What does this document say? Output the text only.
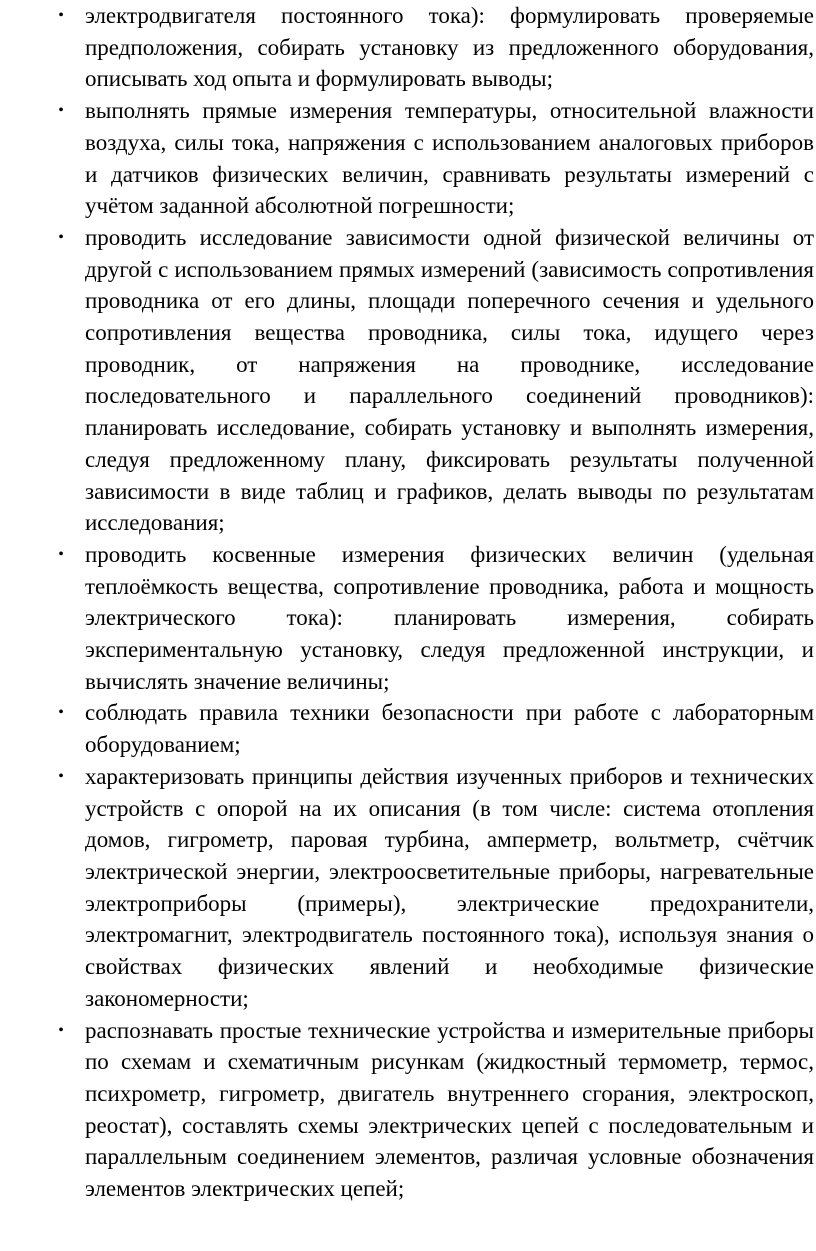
• электродвигателя постоянного тока): формулировать проверяемые предположения, собирать установку из предложенного оборудования, описывать ход опыта и формулировать выводы;
• выполнять прямые измерения температуры, относительной влажности воздуха, силы тока, напряжения с использованием аналоговых приборов и датчиков физических величин, сравнивать результаты измерений с учётом заданной абсолютной погрешности;
• проводить исследование зависимости одной физической величины от другой с использованием прямых измерений (зависимость сопротивления проводника от его длины, площади поперечного сечения и удельного сопротивления вещества проводника, силы тока, идущего через проводник, от напряжения на проводнике, исследование последовательного и параллельного соединений проводников): планировать исследование, собирать установку и выполнять измерения, следуя предложенному плану, фиксировать результаты полученной зависимости в виде таблиц и графиков, делать выводы по результатам исследования;
• проводить косвенные измерения физических величин (удельная теплоёмкость вещества, сопротивление проводника, работа и мощность электрического тока): планировать измерения, собирать экспериментальную установку, следуя предложенной инструкции, и вычислять значение величины;
• соблюдать правила техники безопасности при работе с лабораторным оборудованием;
• характеризовать принципы действия изученных приборов и технических устройств с опорой на их описания (в том числе: система отопления домов, гигрометр, паровая турбина, амперметр, вольтметр, счётчик электрической энергии, электроосветительные приборы, нагревательные электроприборы (примеры), электрические предохранители, электромагнит, электродвигатель постоянного тока), используя знания о свойствах физических явлений и необходимые физические закономерности;
• распознавать простые технические устройства и измерительные приборы по схемам и схематичным рисункам (жидкостный термометр, термос, психрометр, гигрометр, двигатель внутреннего сгорания, электроскоп, реостат), составлять схемы электрических цепей с последовательным и параллельным соединением элементов, различая условные обозначения элементов электрических цепей;
